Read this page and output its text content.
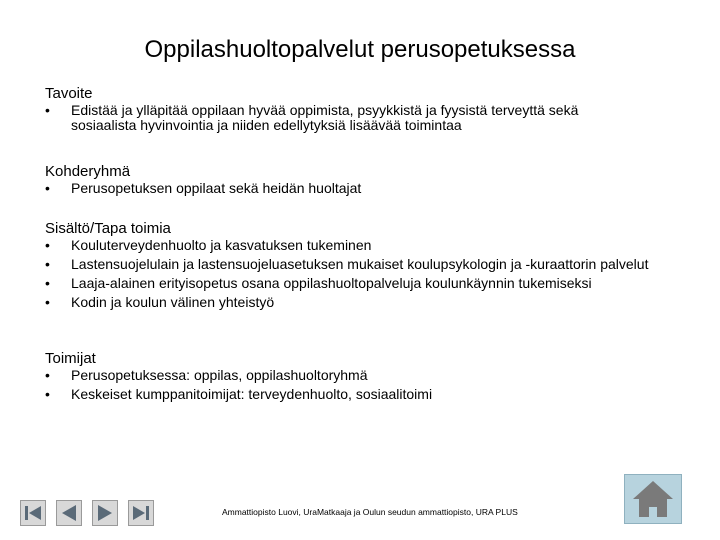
Oppilashuoltopalvelut perusopetuksessa
Tavoite
• Edistää ja ylläpitää oppilaan hyvää oppimista, psyykkistä ja fyysistä terveyttä sekä sosiaalista hyvinvointia ja niiden edellytyksiä lisäävää toimintaa
Kohderyhmä
• Perusopetuksen oppilaat sekä heidän huoltajat
Sisältö/Tapa toimia
• Kouluterveydenhuolto ja kasvatuksen tukeminen
• Lastensuojelulain ja lastensuojeluasetuksen mukaiset koulupsykologin ja -kuraattorin palvelut
• Laaja-alainen erityisopetus osana oppilashuoltopalveluja koulunkäynnin tukemiseksi
• Kodin ja koulun välinen yhteistyö
Toimijat
• Perusopetuksessa: oppilas, oppilashuoltoryhmä
• Keskeiset kumppanitoimijat: terveydenhuolto, sosiaalitoimi
Ammattiopisto Luovi, UraMatkaaja ja Oulun seudun ammattiopisto, URA PLUS
